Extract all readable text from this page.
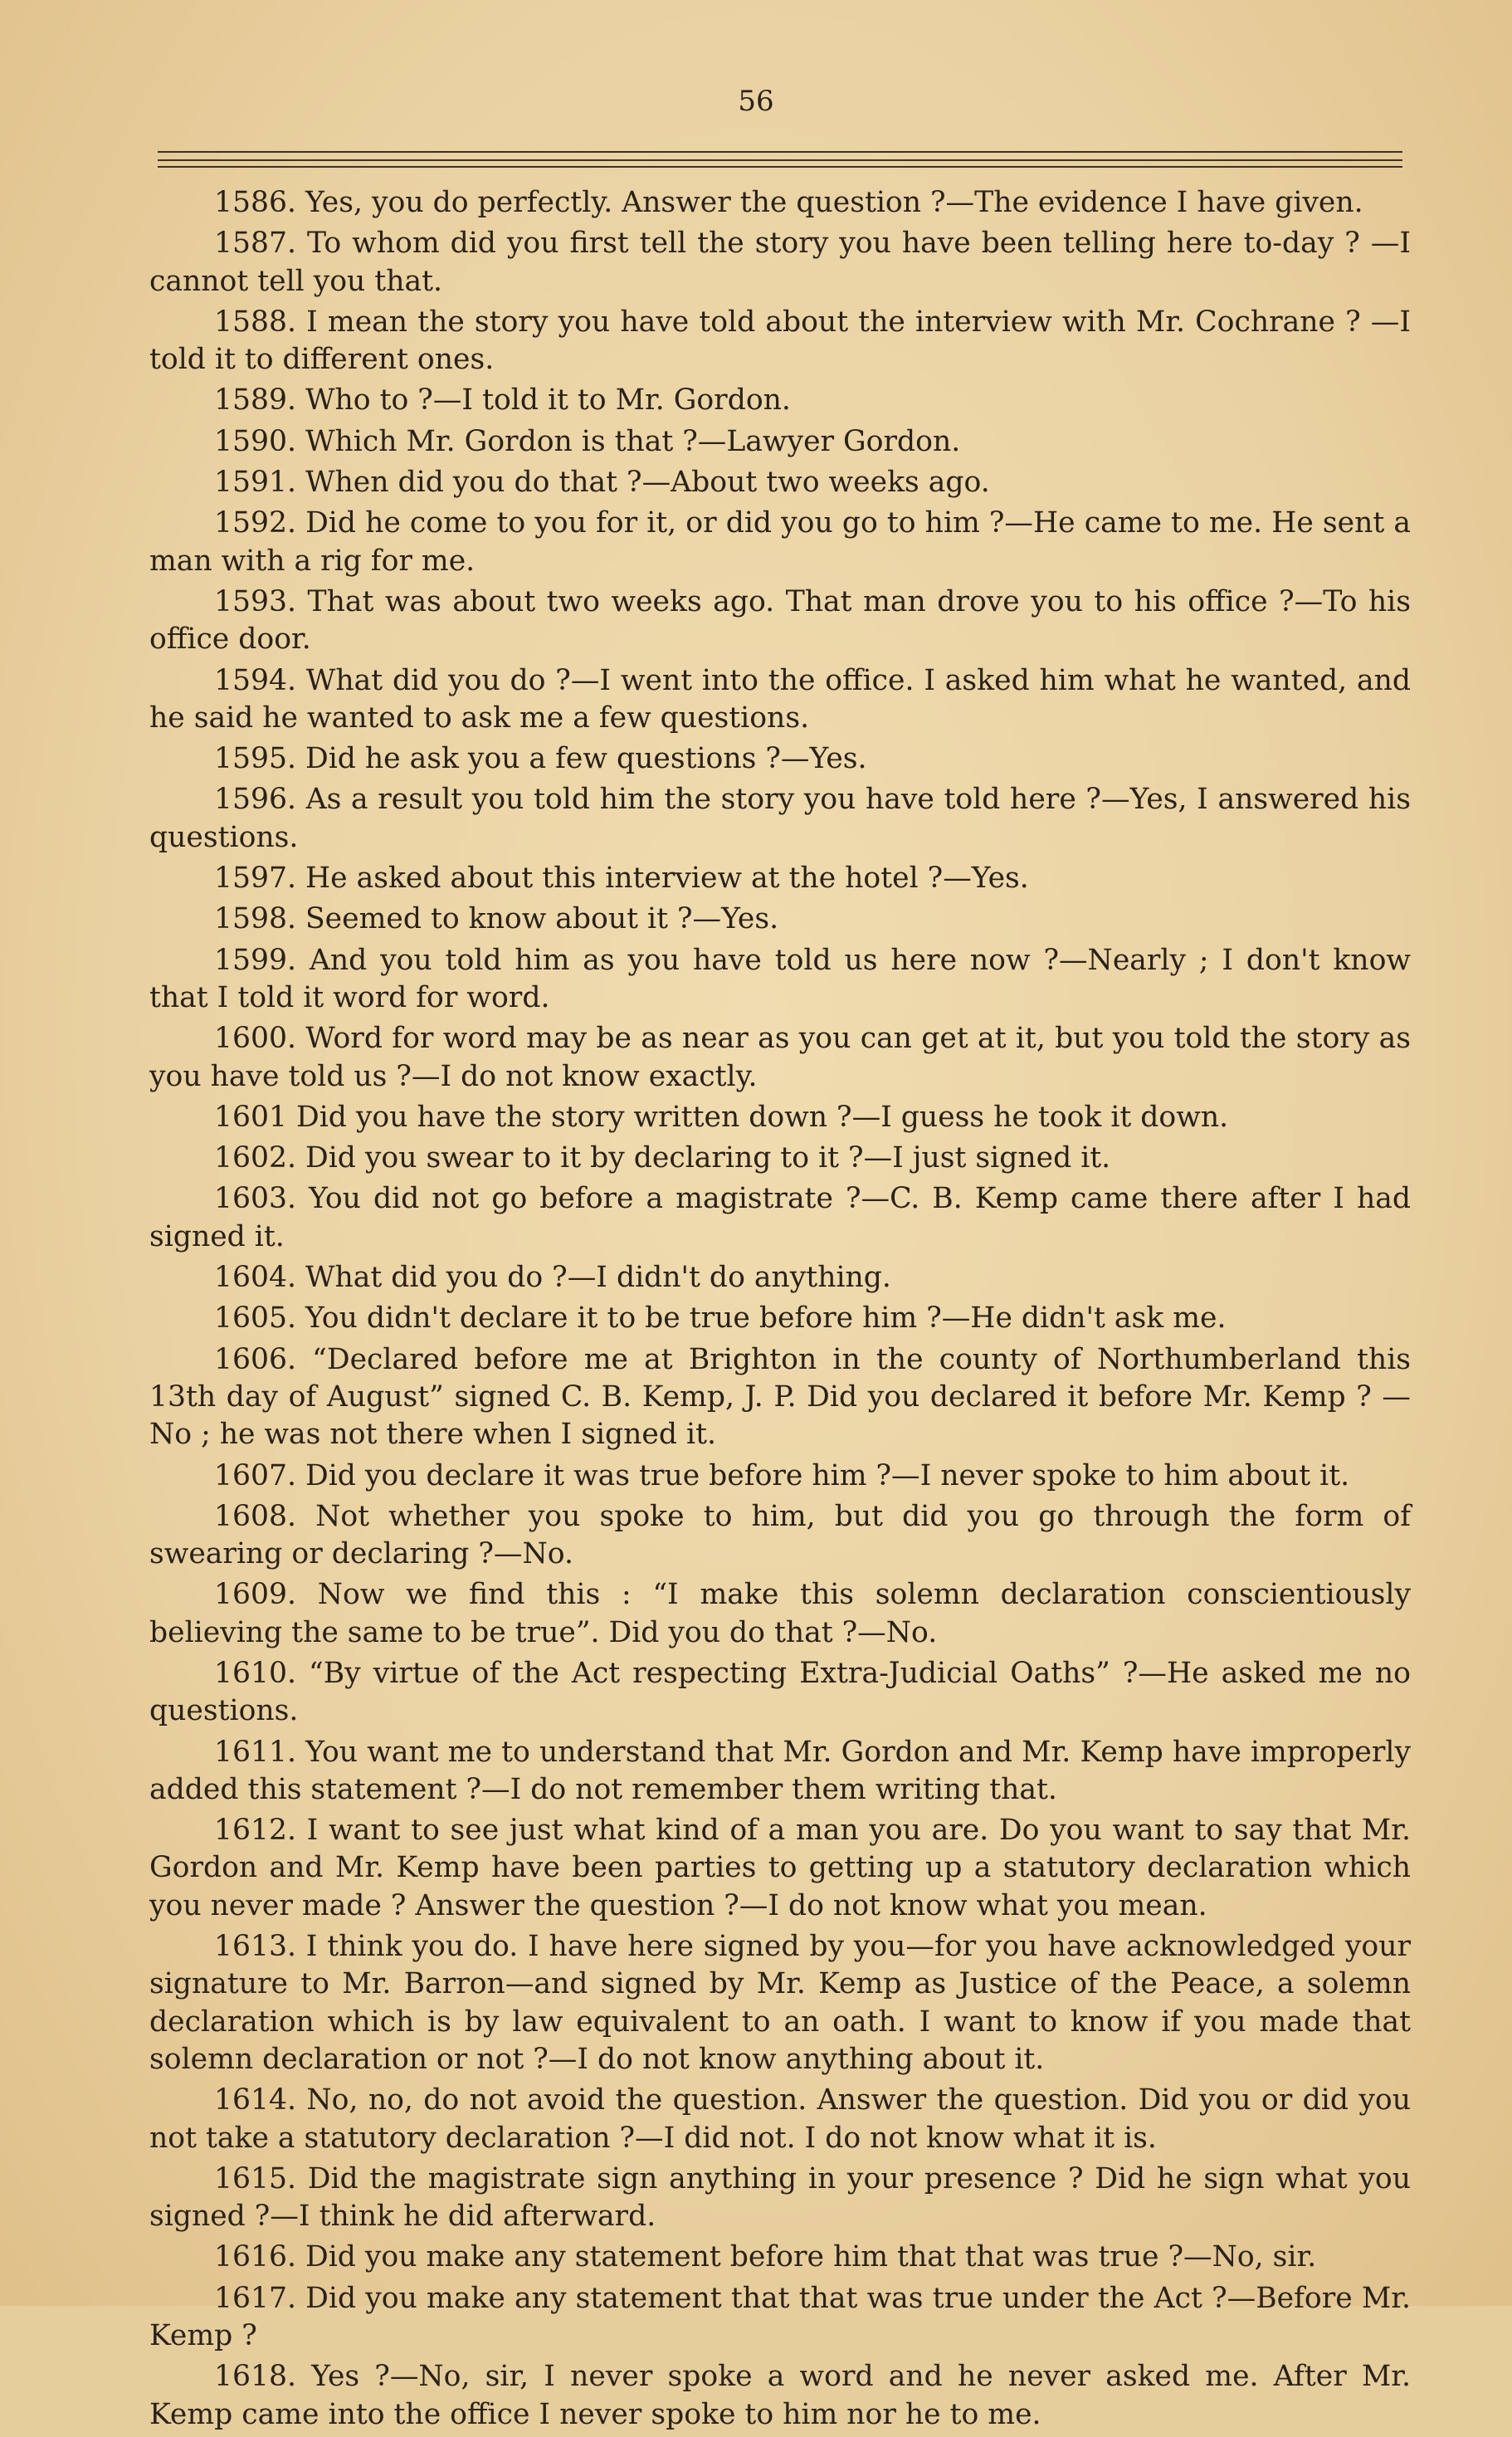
56

1586. Yes, you do perfectly. Answer the question ?—The evidence I have given.

1587. To whom did you first tell the story you have been telling here to-day ? —I cannot tell you that.

1588. I mean the story you have told about the interview with Mr. Cochrane ? —I told it to different ones.

1589. Who to ?—I told it to Mr. Gordon.

1590. Which Mr. Gordon is that ?—Lawyer Gordon.

1591. When did you do that ?—About two weeks ago.

1592. Did he come to you for it, or did you go to him ?—He came to me. He sent a man with a rig for me.

1593. That was about two weeks ago. That man drove you to his office ?—To his office door.

1594. What did you do ?—I went into the office. I asked him what he wanted, and he said he wanted to ask me a few questions.

1595. Did he ask you a few questions ?—Yes.

1596. As a result you told him the story you have told here ?—Yes, I answered his questions.

1597. He asked about this interview at the hotel ?—Yes.

1598. Seemed to know about it ?—Yes.

1599. And you told him as you have told us here now ?—Nearly ; I don't know that I told it word for word.

1600. Word for word may be as near as you can get at it, but you told the story as you have told us ?—I do not know exactly.

1601 Did you have the story written down ?—I guess he took it down.

1602. Did you swear to it by declaring to it ?—I just signed it.

1603. You did not go before a magistrate ?—C. B. Kemp came there after I had signed it.

1604. What did you do ?—I didn't do anything.

1605. You didn't declare it to be true before him ?—He didn't ask me.

1606. “Declared before me at Brighton in the county of Northumberland this 13th day of August” signed C. B. Kemp, J. P. Did you declared it before Mr. Kemp ? —No ; he was not there when I signed it.

1607. Did you declare it was true before him ?—I never spoke to him about it.

1608. Not whether you spoke to him, but did you go through the form of swearing or declaring ?—No.

1609. Now we find this : “I make this solemn declaration conscientiously believing the same to be true”. Did you do that ?—No.

1610. “By virtue of the Act respecting Extra-Judicial Oaths” ?—He asked me no questions.

1611. You want me to understand that Mr. Gordon and Mr. Kemp have improperly added this statement ?—I do not remember them writing that.

1612. I want to see just what kind of a man you are. Do you want to say that Mr. Gordon and Mr. Kemp have been parties to getting up a statutory declaration which you never made ? Answer the question ?—I do not know what you mean.

1613. I think you do. I have here signed by you—for you have acknowledged your signature to Mr. Barron—and signed by Mr. Kemp as Justice of the Peace, a solemn declaration which is by law equivalent to an oath. I want to know if you made that solemn declaration or not ?—I do not know anything about it.

1614. No, no, do not avoid the question. Answer the question. Did you or did you not take a statutory declaration ?—I did not. I do not know what it is.

1615. Did the magistrate sign anything in your presence ? Did he sign what you signed ?—I think he did afterward.

1616. Did you make any statement before him that that was true ?—No, sir.

1617. Did you make any statement that that was true under the Act ?—Before Mr. Kemp ?

1618. Yes ?—No, sir, I never spoke a word and he never asked me. After Mr. Kemp came into the office I never spoke to him nor he to me.
